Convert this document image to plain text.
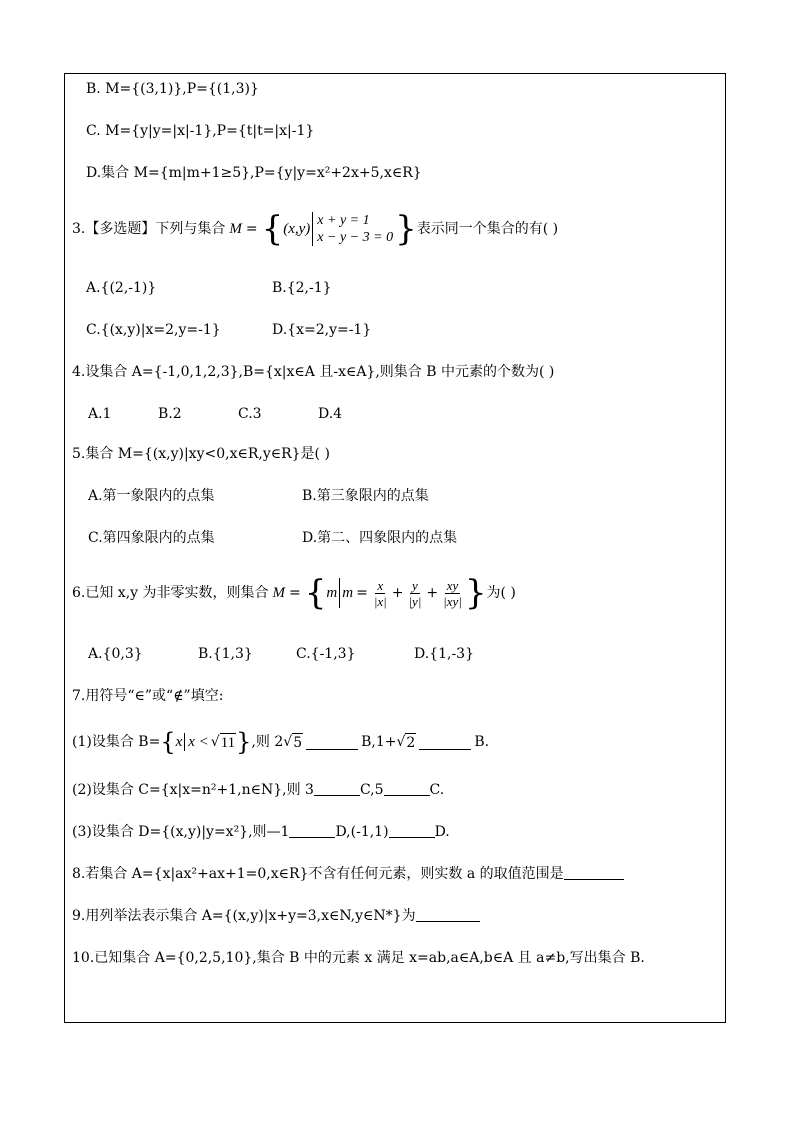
B. M={(3,1)},P={(1,3)}
C. M={y|y=|x|-1},P={t|t=|x|-1}
D.集合 M={m|m+1≥5},P={y|y=x²+2x+5,x∈R}
3.【多选题】下列与集合 M = { (x,y)
x + y = 1
x − y − 3 = 0 } 表示同一个集合的有( )
A.{(2,-1)}	B.{2,-1}
C.{(x,y)|x=2,y=-1}	D.{x=2,y=-1}
4.设集合 A={-1,0,1,2,3},B={x|x∈A 且-x∈A},则集合 B 中元素的个数为( )
A.1	B.2	C.3	D.4
5.集合 M={(x,y)|xy<0,x∈R,y∈R}是( )
A.第一象限内的点集	B.第三象限内的点集
C.第四象限内的点集	D.第二、四象限内的点集
6.已知 x,y 为非零实数，则集合 M = { m $m = \frac{x}{|x|} + \frac{y}{|y|} + \frac{xy}{|xy|}$ } 为( )
A.{0,3}	B.{1,3}	C.{-1,3}	D.{1,-3}
7.用符号“∈”或“∉”填空:
(1)设集合 B= { x x < √ 11 } ,则 2 √ 5	B,1+ √ 2	B.
(2)设集合 C={x|x=n²+1,n∈N},则 3	C,5	C.
(3)设集合 D={(x,y)|y=x²},则—1	D,(-1,1)	D.
8.若集合 A={x|ax²+ax+1=0,x∈R}不含有任何元素，则实数 a 的取值范围是
9.用列举法表示集合 A={(x,y)|x+y=3,x∈N,y∈N*}为
10.已知集合 A={0,2,5,10},集合 B 中的元素 x 满足 x=ab,a∈A,b∈A 且 a≠b,写出集合 B.
